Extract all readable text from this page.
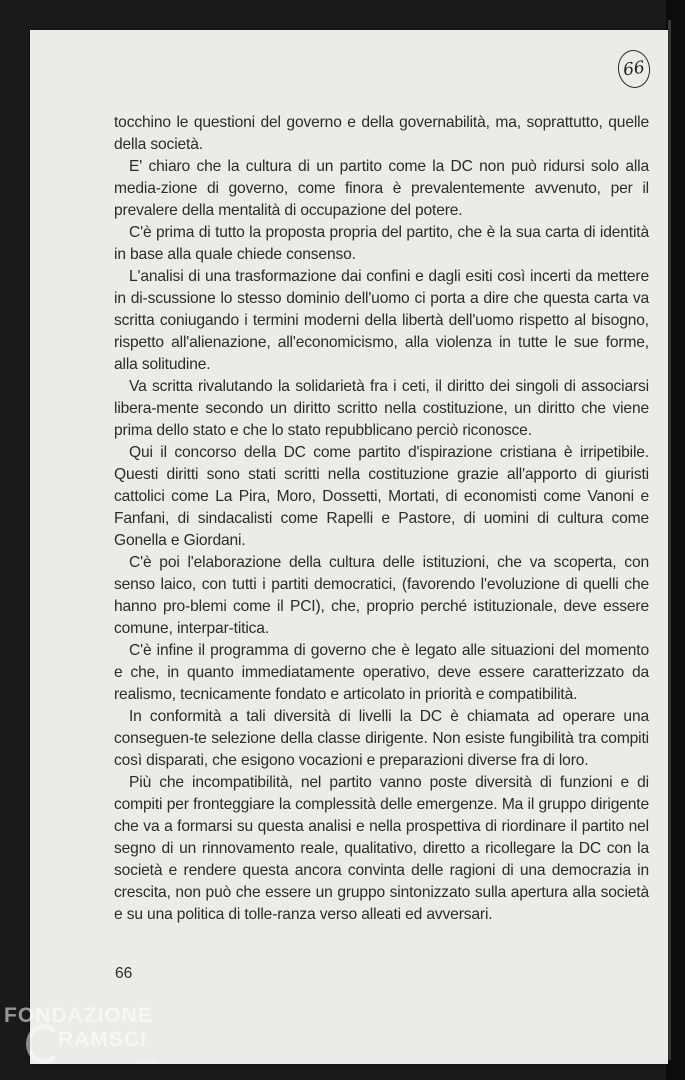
66

tocchino le questioni del governo e della governabilità, ma, soprattutto, quelle della società.

E' chiaro che la cultura di un partito come la DC non può ridursi solo alla media-zione di governo, come finora è prevalentemente avvenuto, per il prevalere della mentalità di occupazione del potere.

C'è prima di tutto la proposta propria del partito, che è la sua carta di identità in base alla quale chiede consenso.

L'analisi di una trasformazione dai confini e dagli esiti così incerti da mettere in di-scussione lo stesso dominio dell'uomo ci porta a dire che questa carta va scritta coniugando i termini moderni della libertà dell'uomo rispetto al bisogno, rispetto all'alienazione, all'economicismo, alla violenza in tutte le sue forme, alla solitudine.

Va scritta rivalutando la solidarietà fra i ceti, il diritto dei singoli di associarsi libera-mente secondo un diritto scritto nella costituzione, un diritto che viene prima dello stato e che lo stato repubblicano perciò riconosce.

Qui il concorso della DC come partito d'ispirazione cristiana è irripetibile. Questi diritti sono stati scritti nella costituzione grazie all'apporto di giuristi cattolici come La Pira, Moro, Dossetti, Mortati, di economisti come Vanoni e Fanfani, di sindacalisti come Rapelli e Pastore, di uomini di cultura come Gonella e Giordani.

C'è poi l'elaborazione della cultura delle istituzioni, che va scoperta, con senso laico, con tutti i partiti democratici, (favorendo l'evoluzione di quelli che hanno pro-blemi come il PCI), che, proprio perché istituzionale, deve essere comune, interpar-titica.

C'è infine il programma di governo che è legato alle situazioni del momento e che, in quanto immediatamente operativo, deve essere caratterizzato da realismo, tecnicamente fondato e articolato in priorità e compatibilità.

In conformità a tali diversità di livelli la DC è chiamata ad operare una conseguen-te selezione della classe dirigente. Non esiste fungibilità tra compiti così disparati, che esigono vocazioni e preparazioni diverse fra di loro.

Più che incompatibilità, nel partito vanno poste diversità di funzioni e di compiti per fronteggiare la complessità delle emergenze. Ma il gruppo dirigente che va a formarsi su questa analisi e nella prospettiva di riordinare il partito nel segno di un rinnovamento reale, qualitativo, diretto a ricollegare la DC con la società e rendere questa ancora convinta delle ragioni di una democrazia in crescita, non può che essere un gruppo sintonizzato sulla apertura alla società e su una politica di tolle-ranza verso alleati ed avversari.

66
FONDAZIONE
RAMSCI
onlus
